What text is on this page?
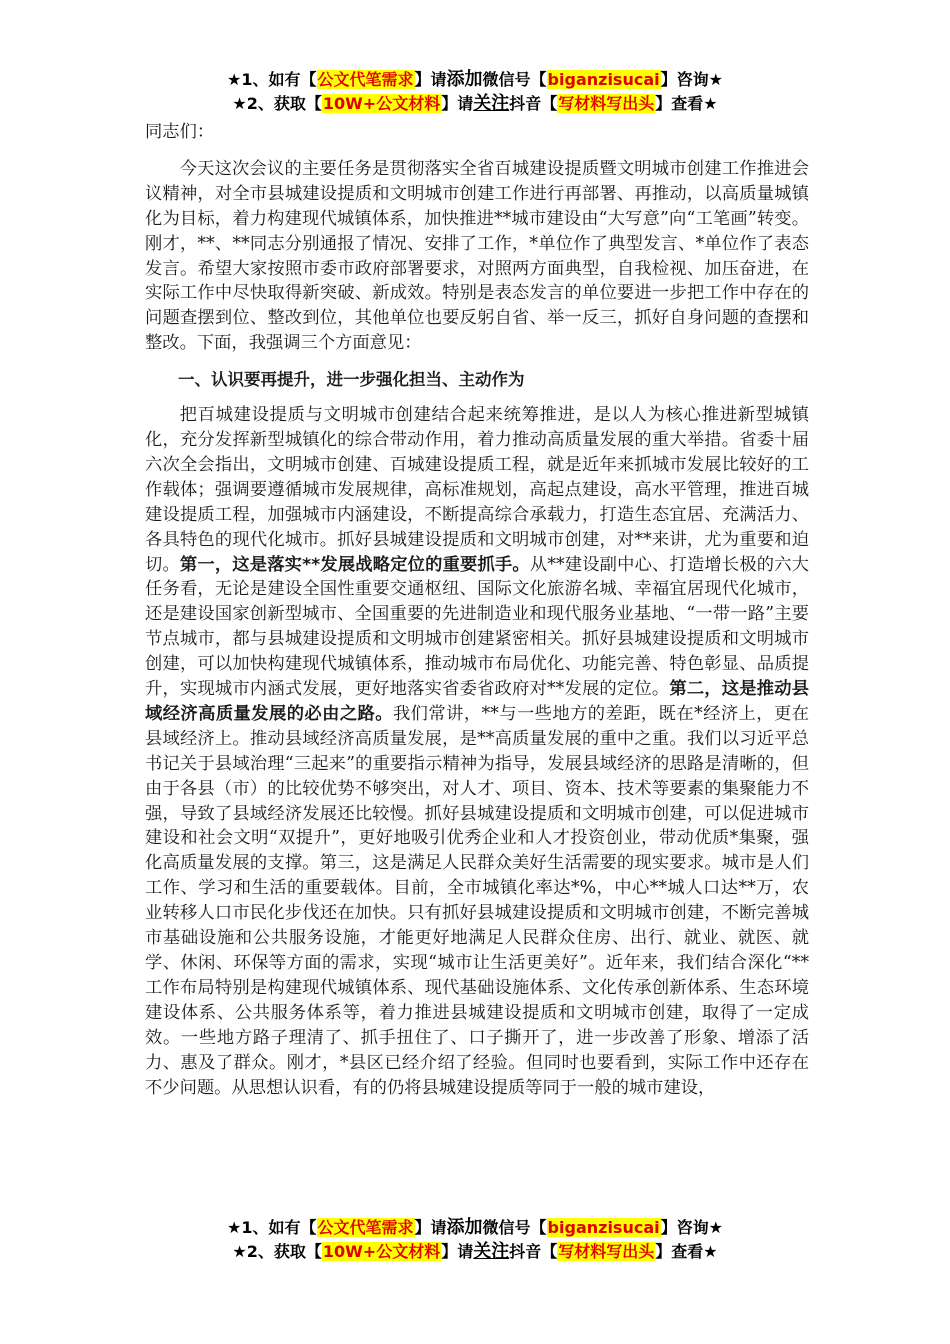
★1、如有【公文代笔需求】请添加微信号【biganzisucai】咨询★
★2、获取【10W+公文材料】请关注抖音【写材料写出头】查看★

同志们：

今天这次会议的主要任务是贯彻落实全省百城建设提质暨文明城市创建工作推进会议精神，对全市县城建设提质和文明城市创建工作进行再部署、再推动，以高质量城镇化为目标，着力构建现代城镇体系，加快推进**城市建设由“大写意”向“工笔画”转变。刚才，**、**同志分别通报了情况、安排了工作，*单位作了典型发言、*单位作了表态发言。希望大家按照市委市政府部署要求，对照两方面典型，自我检视、加压奋进，在实际工作中尽快取得新突破、新成效。特别是表态发言的单位要进一步把工作中存在的问题查摆到位、整改到位，其他单位也要反躬自省、举一反三，抓好自身问题的查摆和整改。下面，我强调三个方面意见：

一、认识要再提升，进一步强化担当、主动作为

把百城建设提质与文明城市创建结合起来统筹推进，是以人为核心推进新型城镇化，充分发挥新型城镇化的综合带动作用，着力推动高质量发展的重大举措。省委十届六次全会指出，文明城市创建、百城建设提质工程，就是近年来抓城市发展比较好的工作载体；强调要遵循城市发展规律，高标准规划，高起点建设，高水平管理，推进百城建设提质工程，加强城市内涵建设，不断提高综合承载力，打造生态宜居、充满活力、各具特色的现代化城市。抓好县城建设提质和文明城市创建，对**来讲，尤为重要和迫切。第一，这是落实**发展战略定位的重要抓手。从**建设副中心、打造增长极的六大任务看，无论是建设全国性重要交通枢纽、国际文化旅游名城、幸福宜居现代化城市，还是建设国家创新型城市、全国重要的先进制造业和现代服务业基地、“一带一路”主要节点城市，都与县城建设提质和文明城市创建紧密相关。抓好县城建设提质和文明城市创建，可以加快构建现代城镇体系，推动城市布局优化、功能完善、特色彰显、品质提升，实现城市内涵式发展，更好地落实省委省政府对**发展的定位。第二，这是推动县域经济高质量发展的必由之路。我们常讲，**与一些地方的差距，既在*经济上，更在县域经济上。推动县域经济高质量发展，是**高质量发展的重中之重。我们以习近平总书记关于县域治理“三起来”的重要指示精神为指导，发展县域经济的思路是清晰的，但由于各县（市）的比较优势不够突出，对人才、项目、资本、技术等要素的集聚能力不强，导致了县域经济发展还比较慢。抓好县城建设提质和文明城市创建，可以促进城市建设和社会文明“双提升”，更好地吸引优秀企业和人才投资创业，带动优质*集聚，强化高质量发展的支撑。第三，这是满足人民群众美好生活需要的现实要求。城市是人们工作、学习和生活的重要载体。目前，全市城镇化率达*%，中心**城人口达**万，农业转移人口市民化步伐还在加快。只有抓好县城建设提质和文明城市创建，不断完善城市基础设施和公共服务设施，才能更好地满足人民群众住房、出行、就业、就医、就学、休闲、环保等方面的需求，实现“城市让生活更美好”。近年来，我们结合深化“**工作布局特别是构建现代城镇体系、现代基础设施体系、文化传承创新体系、生态环境建设体系、公共服务体系等，着力推进县城建设提质和文明城市创建，取得了一定成效。一些地方路子理清了、抓手扭住了、口子撕开了，进一步改善了形象、增添了活力、惠及了群众。刚才，*县区已经介绍了经验。但同时也要看到，实际工作中还存在不少问题。从思想认识看，有的仍将县城建设提质等同于一般的城市建设，

★1、如有【公文代笔需求】请添加微信号【biganzisucai】咨询★
★2、获取【10W+公文材料】请关注抖音【写材料写出头】查看★
